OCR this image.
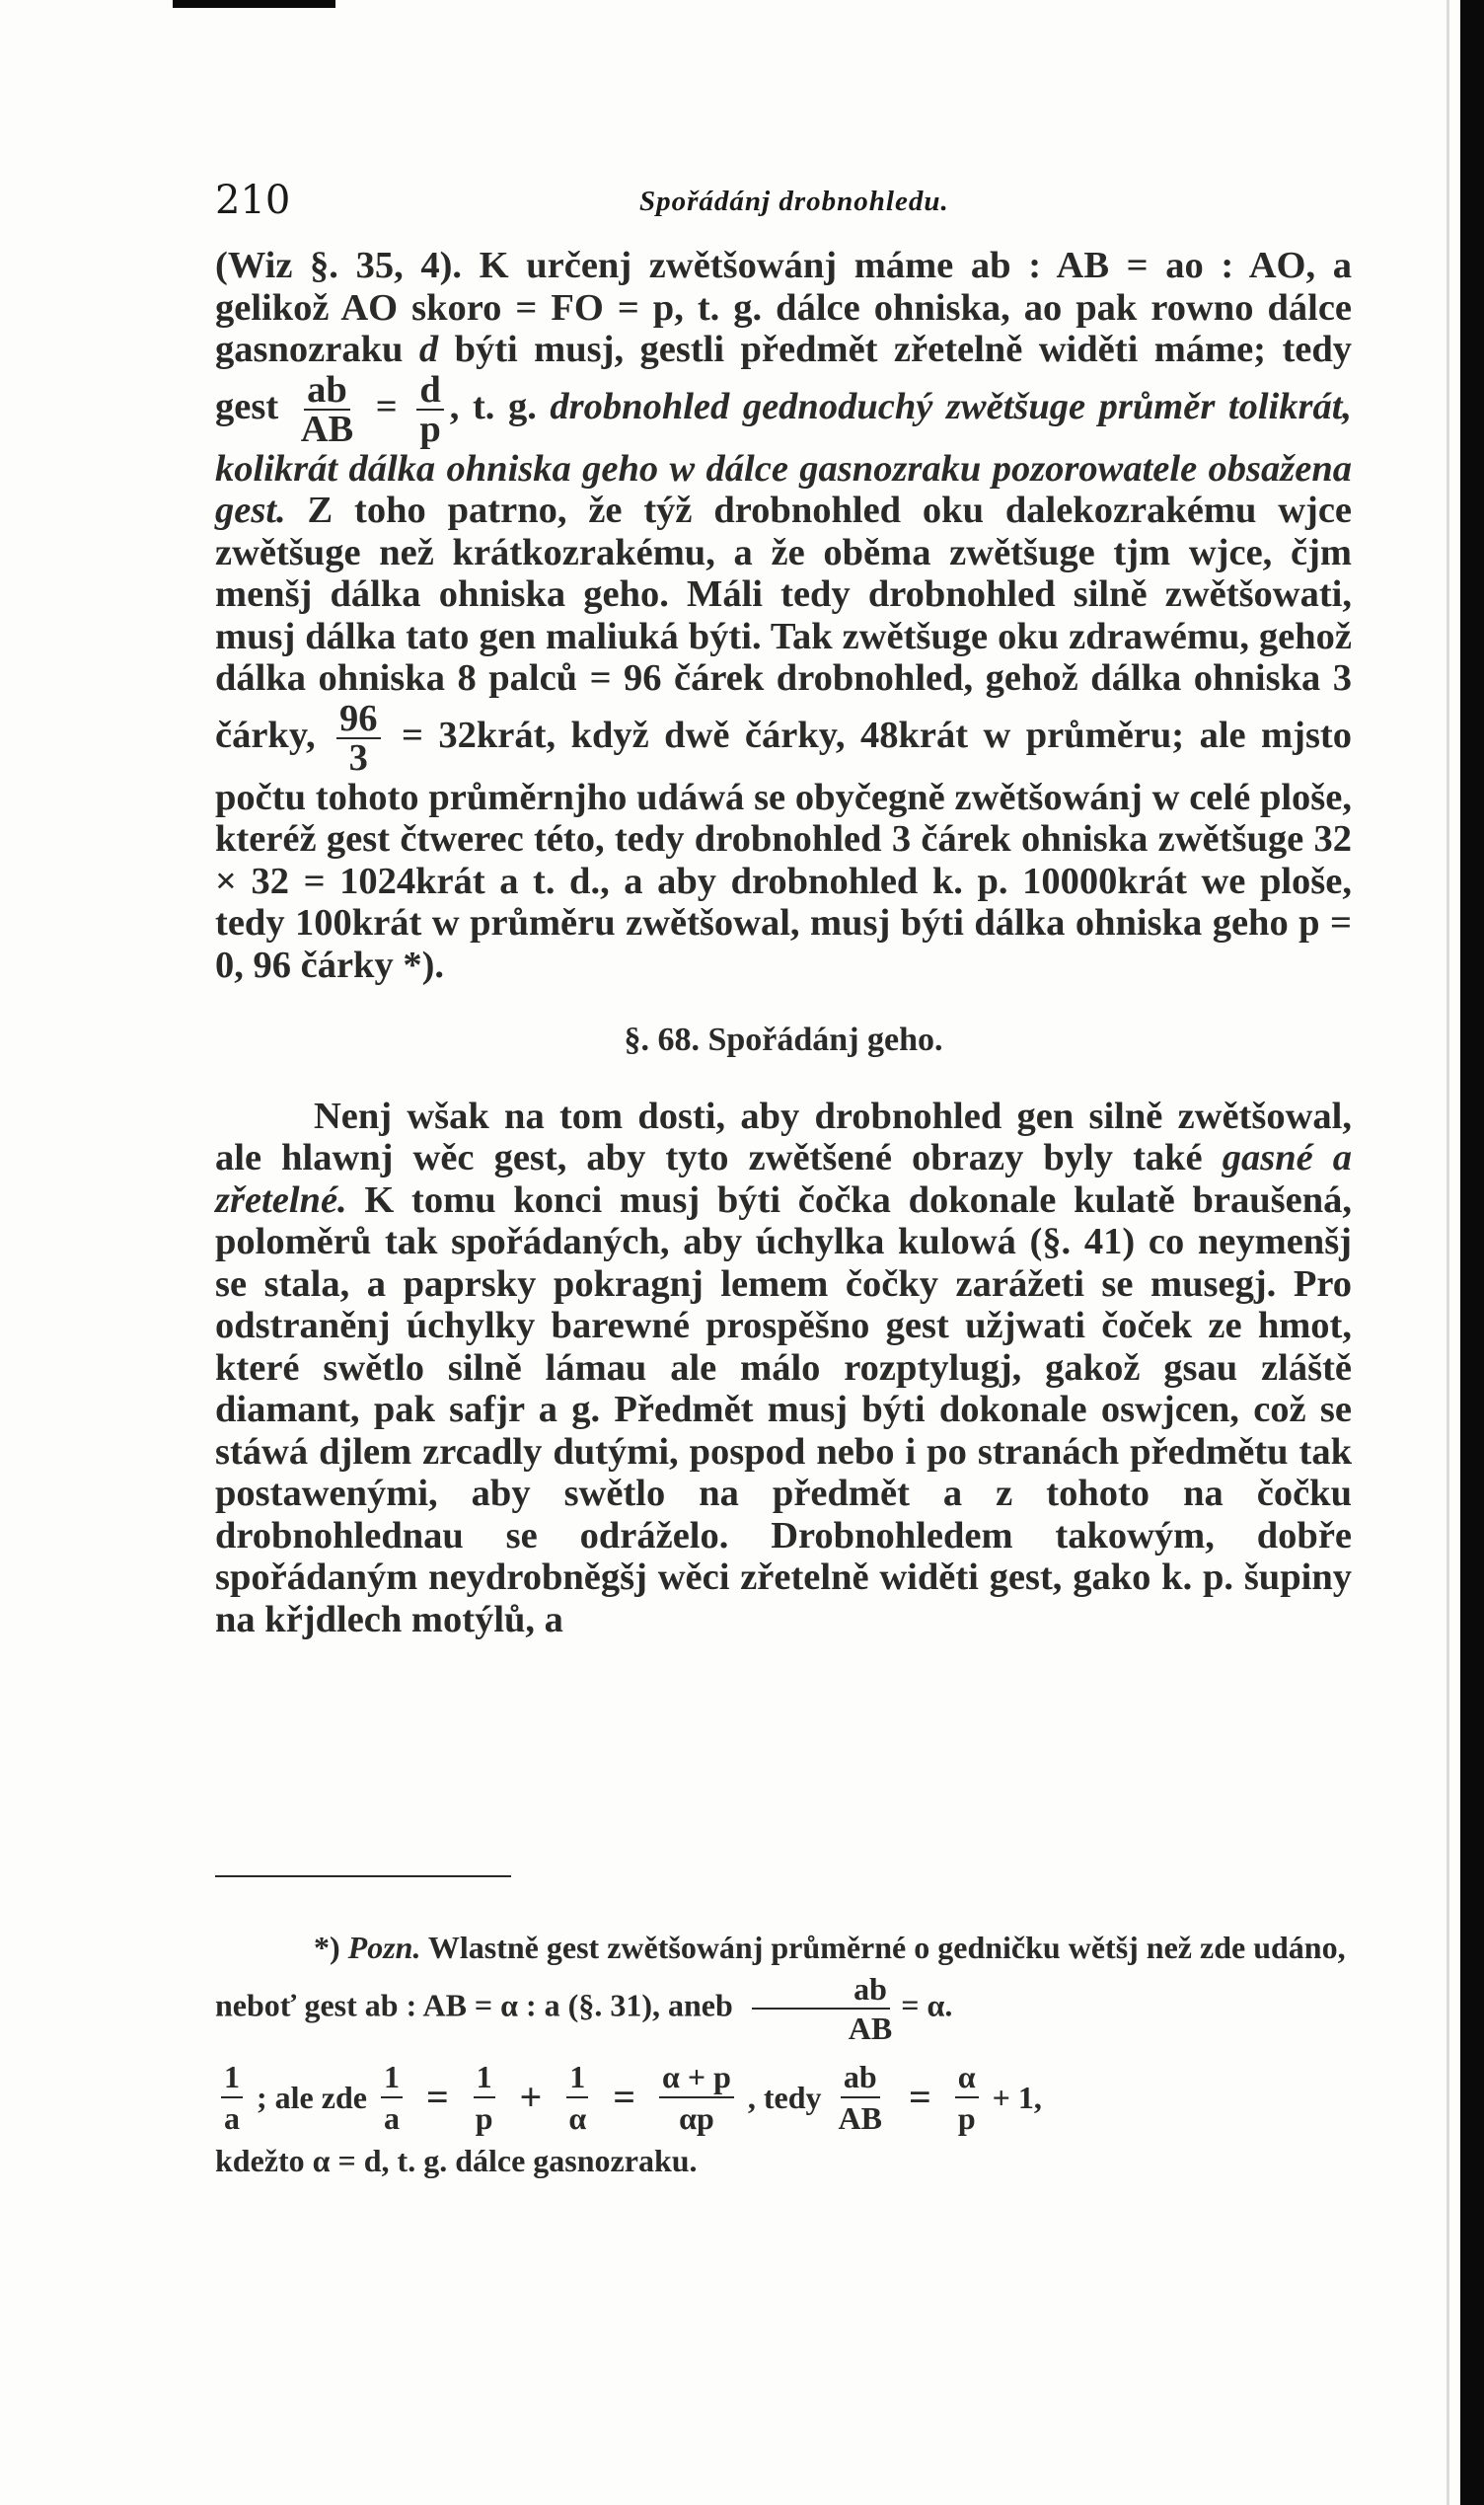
210	Spořádánj drobnohledu.

(Wiz §. 35, 4). K určenj zwětšowánj máme ab : AB = ao : AO, a gelikož AO skoro = FO = p, t. g. dálce ohniska, ao pak rowno dálce gasnozraku d býti musj, gestli předmět zřetelně widěti máme; tedy gest $\frac{ab}{AB} = \frac{d}{p}$ , t. g. drobnohled gednoduchý zwětšuge průměr tolikrát, kolikrát dálka ohniska geho w dálce gasnozraku pozorowatele obsažena gest. Z toho patrno, že týž drobnohled oku dalekozrakému wjce zwětšuge než krátkozrakému, a že oběma zwětšuge tjm wjce, čjm menšj dálka ohniska geho. Máli tedy drobnohled silně zwětšowati, musj dálka tato gen maliuká býti. Tak zwětšuge oku zdrawému, gehož dálka ohniska 8 palců = 96 čárek drobnohled, gehož dálka ohniska 3 čárky, $\frac{96}{3}$ = 32krát, když dwě čárky, 48krát w průměru; ale mjsto počtu tohoto průměrnjho udáwá se obyčegně zwětšowánj w celé ploše, kteréž gest čtwerec této, tedy drobnohled 3 čárek ohniska zwětšuge 32 × 32 = 1024krát a t. d., a aby drobnohled k. p. 10000krát we ploše, tedy 100krát w průměru zwětšowal, musj býti dálka ohniska geho p = 0, 96 čárky *).

§. 68. Spořádánj geho.

Nenj wšak na tom dosti, aby drobnohled gen silně zwětšowal, ale hlawnj wěc gest, aby tyto zwětšené obrazy byly také gasné a zřetelné. K tomu konci musj býti čočka dokonale kulatě braušená, poloměrů tak spořádaných, aby úchylka kulowá (§. 41) co neymenšj se stala, a paprsky pokragnj lemem čočky zarážeti se musegj. Pro odstraněnj úchylky barewné prospěšno gest užjwati čoček ze hmot, které swětlo silně lámau ale málo rozptylugj, gakož gsau zláště diamant, pak safjr a g. Předmět musj býti dokonale oswjcen, což se stáwá djlem zrcadly dutými, pospod nebo i po stranách předmětu tak postawenými, aby swětlo na předmět a z tohoto na čočku drobnohlednau se odráželo. Drobnohledem takowým, dobře spořádaným neydrobněgšj wěci zřetelně widěti gest, gako k. p. šupiny na křjdlech motýlů, a

*) Pozn. Wlastně gest zwětšowánj průměrné o gedničku wětšj než zde udáno, neboť gest ab : AB = α : a (§. 31), aneb $\frac{ab}{AB} = \alpha$.

$\frac{1}{a}$ ; ale zde $\frac{1}{a} = \frac{1}{p} + \frac{1}{\alpha} = \frac{\alpha + p}{\alpha p}$ , tedy $\frac{ab}{AB} = \frac{\alpha}{p} + 1$,

kdežto α = d, t. g. dálce gasnozraku.
